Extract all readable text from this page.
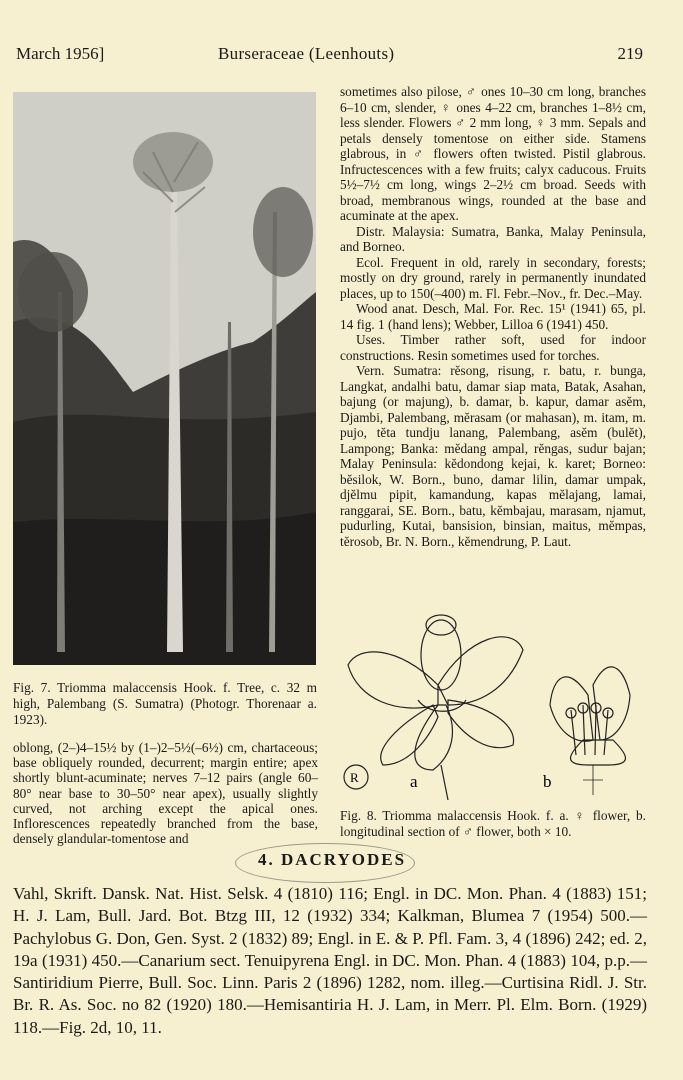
March 1956]	Burseraceae (Leenhouts)	219
Fig. 7. Triomma malaccensis Hook. f. Tree, c. 32 m high, Palembang (S. Sumatra) (Photogr. Thorenaar a. 1923).
oblong, (2–)4–15½ by (1–)2–5½(–6½) cm, chartaceous; base obliquely rounded, decurrent; margin entire; apex shortly blunt-acuminate; nerves 7–12 pairs (angle 60–80° near base to 30–50° near apex), usually slightly curved, not arching except the apical ones. Inflorescences repeatedly branched from the base, densely glandular-tomentose and

sometimes also pilose, ♂ ones 10–30 cm long, branches 6–10 cm, slender, ♀ ones 4–22 cm, branches 1–8½ cm, less slender. Flowers ♂ 2 mm long, ♀ 3 mm. Sepals and petals densely tomentose on either side. Stamens glabrous, in ♂ flowers often twisted. Pistil glabrous. Infructescences with a few fruits; calyx caducous. Fruits 5½–7½ cm long, wings 2–2½ cm broad. Seeds with broad, membranous wings, rounded at the base and acuminate at the apex.

Distr. Malaysia: Sumatra, Banka, Malay Peninsula, and Borneo.

Ecol. Frequent in old, rarely in secondary, forests; mostly on dry ground, rarely in permanently inundated places, up to 150(–400) m. Fl. Febr.–Nov., fr. Dec.–May.

Wood anat. Desch, Mal. For. Rec. 15¹ (1941) 65, pl. 14 fig. 1 (hand lens); Webber, Lilloa 6 (1941) 450.

Uses. Timber rather soft, used for indoor constructions. Resin sometimes used for torches.

Vern. Sumatra: rĕsong, risung, r. batu, r. bunga, Langkat, andalhi batu, damar siap mata, Batak, Asahan, bajung (or majung), b. damar, b. kapur, damar asĕm, Djambi, Palembang, mĕrasam (or mahasan), m. itam, m. pujo, tĕta tundju lanang, Palembang, asĕm (bulĕt), Lampong; Banka: mĕdang ampal, rĕngas, sudur bajan; Malay Peninsula: kĕdondong kejai, k. karet; Borneo: bĕsilok, W. Born., buno, damar lilin, damar umpak, djĕlmu pipit, kamandung, kapas mĕlajang, lamai, ranggarai, SE. Born., batu, kĕmbajau, marasam, njamut, pudurling, Kutai, bansision, binsian, maitus, mĕmpas, tĕrosob, Br. N. Born., kĕmendrung, P. Laut.

R	a	b
Fig. 8. Triomma malaccensis Hook. f. a. ♀ flower, b. longitudinal section of ♂ flower, both × 10.
4. DACRYODES
Vahl, Skrift. Dansk. Nat. Hist. Selsk. 4 (1810) 116; Engl. in DC. Mon. Phan. 4 (1883) 151; H. J. Lam, Bull. Jard. Bot. Btzg III, 12 (1932) 334; Kalkman, Blumea 7 (1954) 500.—Pachylobus G. Don, Gen. Syst. 2 (1832) 89; Engl. in E. & P. Pfl. Fam. 3, 4 (1896) 242; ed. 2, 19a (1931) 450.—Canarium sect. Tenuipyrena Engl. in DC. Mon. Phan. 4 (1883) 104, p.p.—Santiridium Pierre, Bull. Soc. Linn. Paris 2 (1896) 1282, nom. illeg.—Curtisina Ridl. J. Str. Br. R. As. Soc. no 82 (1920) 180.—Hemisantiria H. J. Lam, in Merr. Pl. Elm. Born. (1929) 118.—Fig. 2d, 10, 11.
